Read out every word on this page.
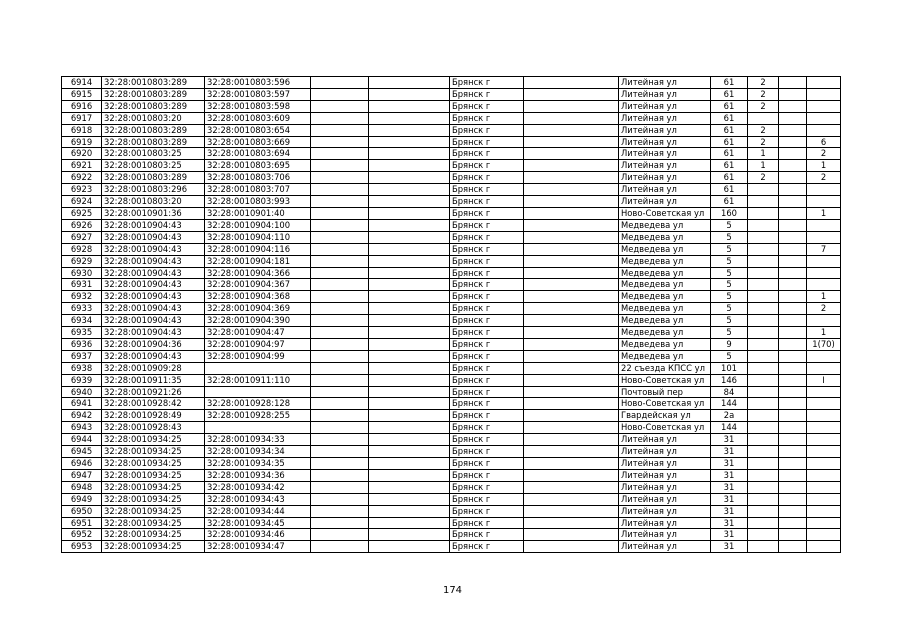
6914	32:28:0010803:289	32:28:0010803:596			Брянск г		Литейная ул	61	2		
6915	32:28:0010803:289	32:28:0010803:597			Брянск г		Литейная ул	61	2		
6916	32:28:0010803:289	32:28:0010803:598			Брянск г		Литейная ул	61	2		
6917	32:28:0010803:20	32:28:0010803:609			Брянск г		Литейная ул	61			
6918	32:28:0010803:289	32:28:0010803:654			Брянск г		Литейная ул	61	2		
6919	32:28:0010803:289	32:28:0010803:669			Брянск г		Литейная ул	61	2		6
6920	32:28:0010803:25	32:28:0010803:694			Брянск г		Литейная ул	61	1		2
6921	32:28:0010803:25	32:28:0010803:695			Брянск г		Литейная ул	61	1		1
6922	32:28:0010803:289	32:28:0010803:706			Брянск г		Литейная ул	61	2		2
6923	32:28:0010803:296	32:28:0010803:707			Брянск г		Литейная ул	61			
6924	32:28:0010803:20	32:28:0010803:993			Брянск г		Литейная ул	61			
6925	32:28:0010901:36	32:28:0010901:40			Брянск г		Ново-Советская ул	160			1
6926	32:28:0010904:43	32:28:0010904:100			Брянск г		Медведева ул	5			
6927	32:28:0010904:43	32:28:0010904:110			Брянск г		Медведева ул	5			
6928	32:28:0010904:43	32:28:0010904:116			Брянск г		Медведева ул	5			7
6929	32:28:0010904:43	32:28:0010904:181			Брянск г		Медведева ул	5			
6930	32:28:0010904:43	32:28:0010904:366			Брянск г		Медведева ул	5			
6931	32:28:0010904:43	32:28:0010904:367			Брянск г		Медведева ул	5			
6932	32:28:0010904:43	32:28:0010904:368			Брянск г		Медведева ул	5			1
6933	32:28:0010904:43	32:28:0010904:369			Брянск г		Медведева ул	5			2
6934	32:28:0010904:43	32:28:0010904:390			Брянск г		Медведева ул	5			
6935	32:28:0010904:43	32:28:0010904:47			Брянск г		Медведева ул	5			1
6936	32:28:0010904:36	32:28:0010904:97			Брянск г		Медведева ул	9			1(70)
6937	32:28:0010904:43	32:28:0010904:99			Брянск г		Медведева ул	5			
6938	32:28:0010909:28				Брянск г		22 съезда КПСС ул	101			
6939	32:28:0010911:35	32:28:0010911:110			Брянск г		Ново-Советская ул	146			I
6940	32:28:0010921:26				Брянск г		Почтовый пер	84			
6941	32:28:0010928:42	32:28:0010928:128			Брянск г		Ново-Советская ул	144			
6942	32:28:0010928:49	32:28:0010928:255			Брянск г		Гвардейская ул	2а			
6943	32:28:0010928:43				Брянск г		Ново-Советская ул	144			
6944	32:28:0010934:25	32:28:0010934:33			Брянск г		Литейная ул	31			
6945	32:28:0010934:25	32:28:0010934:34			Брянск г		Литейная ул	31			
6946	32:28:0010934:25	32:28:0010934:35			Брянск г		Литейная ул	31			
6947	32:28:0010934:25	32:28:0010934:36			Брянск г		Литейная ул	31			
6948	32:28:0010934:25	32:28:0010934:42			Брянск г		Литейная ул	31			
6949	32:28:0010934:25	32:28:0010934:43			Брянск г		Литейная ул	31			
6950	32:28:0010934:25	32:28:0010934:44			Брянск г		Литейная ул	31			
6951	32:28:0010934:25	32:28:0010934:45			Брянск г		Литейная ул	31			
6952	32:28:0010934:25	32:28:0010934:46			Брянск г		Литейная ул	31			
6953	32:28:0010934:25	32:28:0010934:47			Брянск г		Литейная ул	31			
174
